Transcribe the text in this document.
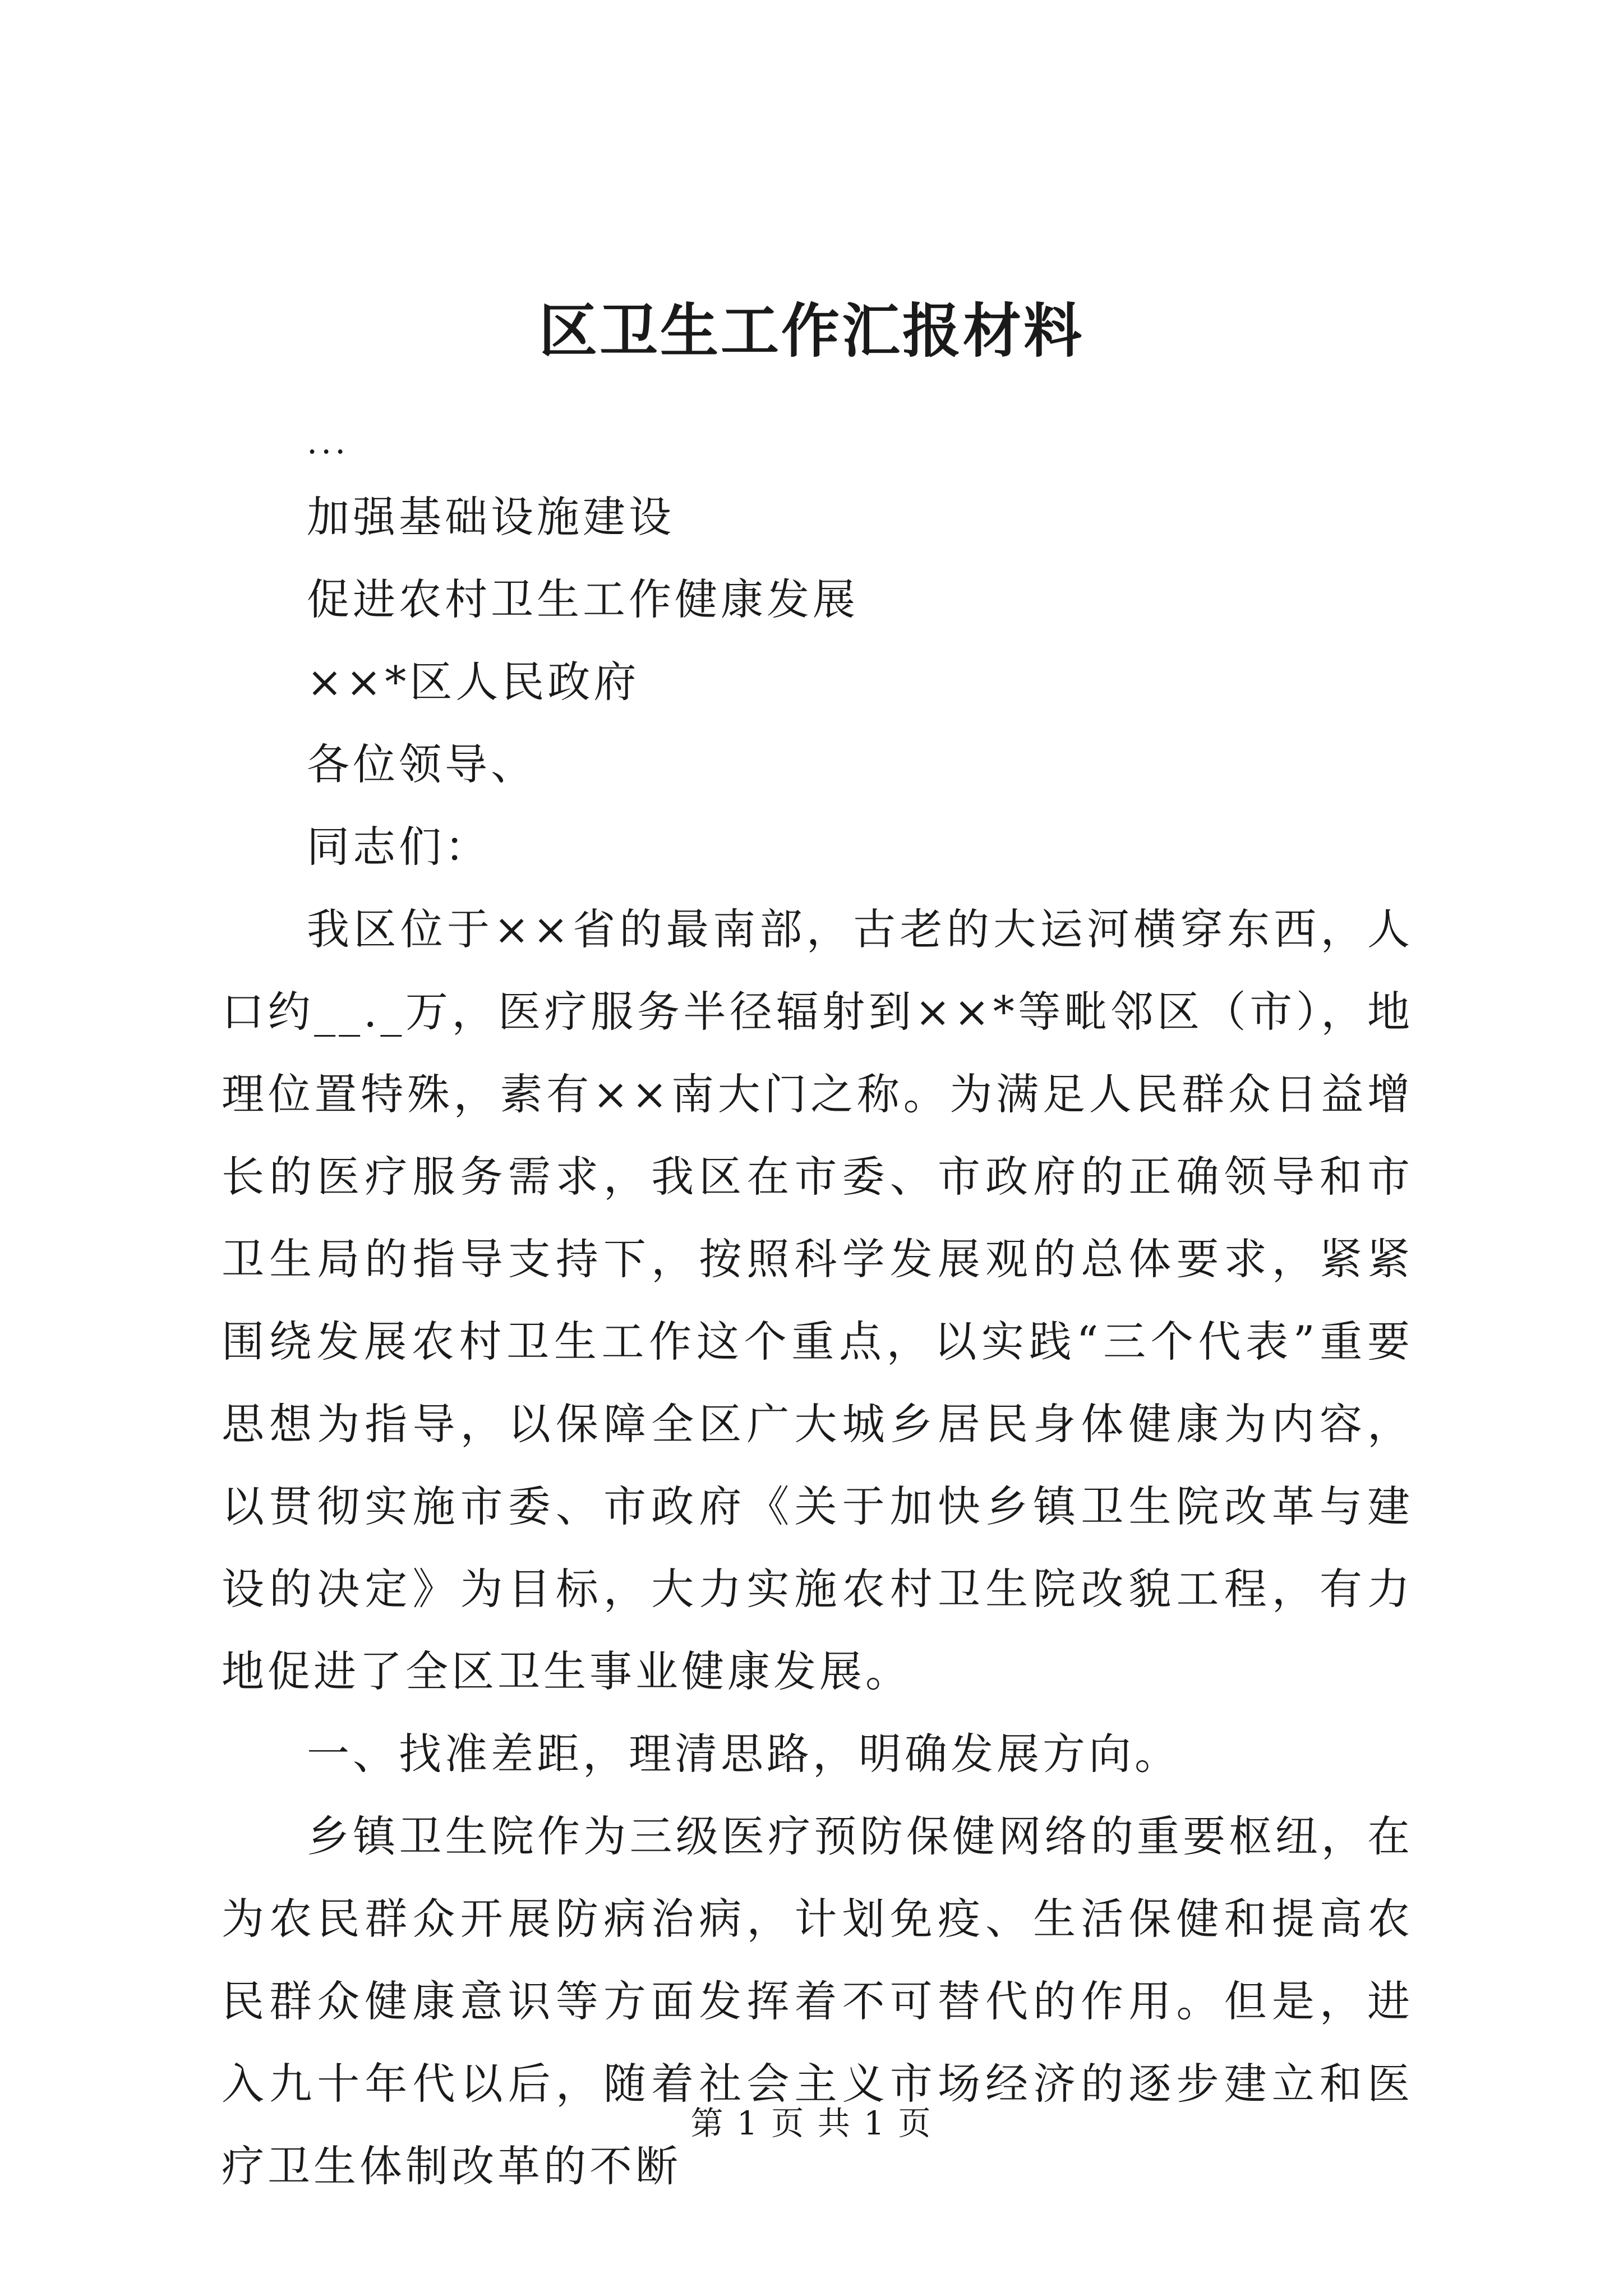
区卫生工作汇报材料
...
加强基础设施建设
促进农村卫生工作健康发展
××*区人民政府
各位领导、
同志们：

我区位于××省的最南部，古老的大运河横穿东西，人口约__._万，医疗服务半径辐射到××*等毗邻区（市），地理位置特殊，素有××南大门之称。为满足人民群众日益增长的医疗服务需求，我区在市委、市政府的正确领导和市卫生局的指导支持下，按照科学发展观的总体要求，紧紧围绕发展农村卫生工作这个重点，以实践“三个代表”重要思想为指导，以保障全区广大城乡居民身体健康为内容，以贯彻实施市委、市政府《关于加快乡镇卫生院改革与建设的决定》为目标，大力实施农村卫生院改貌工程，有力地促进了全区卫生事业健康发展。

一、找准差距，理清思路，明确发展方向。

乡镇卫生院作为三级医疗预防保健网络的重要枢纽，在为农民群众开展防病治病，计划免疫、生活保健和提高农民群众健康意识等方面发挥着不可替代的作用。但是，进入九十年代以后，随着社会主义市场经济的逐步建立和医疗卫生体制改革的不断

第 1 页 共 1 页
